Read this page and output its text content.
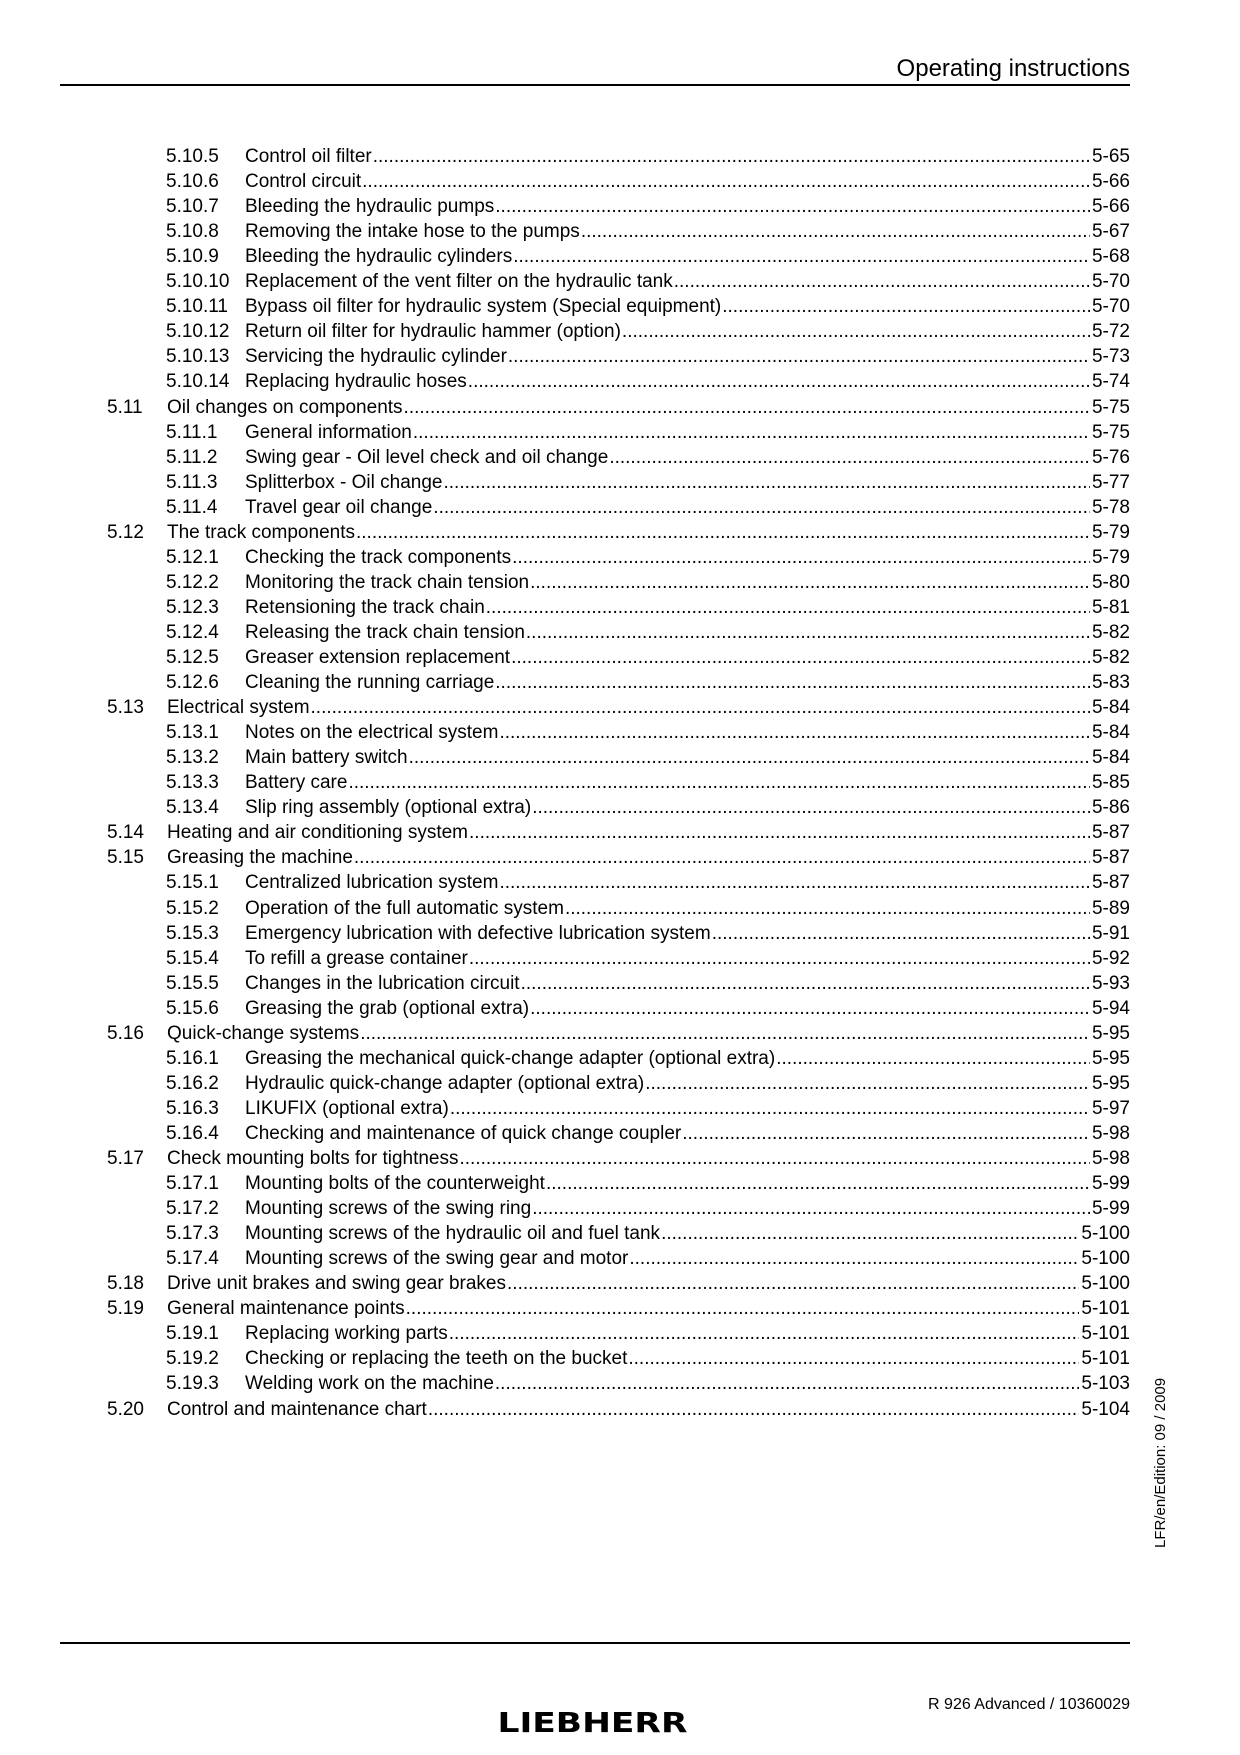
Operating instructions
5.10.5	Control oil filter .....	5-65
5.10.6	Control circuit .....	5-66
5.10.7	Bleeding the hydraulic pumps .....	5-66
5.10.8	Removing the intake hose to the pumps .....	5-67
5.10.9	Bleeding the hydraulic cylinders .....	5-68
5.10.10 Replacement of the vent filter on the hydraulic tank .....	5-70
5.10.11 Bypass oil filter for hydraulic system (Special equipment) .....	5-70
5.10.12 Return oil filter for hydraulic hammer (option) .....	5-72
5.10.13 Servicing the hydraulic cylinder .....	5-73
5.10.14 Replacing hydraulic hoses .....	5-74
5.11	Oil changes on components .....	5-75
5.11.1	General information .....	5-75
5.11.2	Swing gear - Oil level check and oil change .....	5-76
5.11.3	Splitterbox - Oil change .....	5-77
5.11.4	Travel gear oil change .....	5-78
5.12	The track components .....	5-79
5.12.1	Checking the track components .....	5-79
5.12.2	Monitoring the track chain tension .....	5-80
5.12.3	Retensioning the track chain .....	5-81
5.12.4	Releasing the track chain tension .....	5-82
5.12.5	Greaser extension replacement .....	5-82
5.12.6	Cleaning the running carriage .....	5-83
5.13	Electrical system .....	5-84
5.13.1	Notes on the electrical system .....	5-84
5.13.2	Main battery switch .....	5-84
5.13.3	Battery care .....	5-85
5.13.4	Slip ring assembly (optional extra) .....	5-86
5.14	Heating and air conditioning system .....	5-87
5.15	Greasing the machine .....	5-87
5.15.1	Centralized lubrication system .....	5-87
5.15.2	Operation of the full automatic system .....	5-89
5.15.3	Emergency lubrication with defective lubrication system .....	5-91
5.15.4	To refill a grease container .....	5-92
5.15.5	Changes in the lubrication circuit .....	5-93
5.15.6	Greasing the grab (optional extra) .....	5-94
5.16	Quick-change systems .....	5-95
5.16.1	Greasing the mechanical quick-change adapter (optional extra) .....	5-95
5.16.2	Hydraulic quick-change adapter (optional extra) .....	5-95
5.16.3	LIKUFIX (optional extra) .....	5-97
5.16.4	Checking and maintenance of quick change coupler .....	5-98
5.17	Check mounting bolts for tightness .....	5-98
5.17.1	Mounting bolts of the counterweight .....	5-99
5.17.2	Mounting screws of the swing ring .....	5-99
5.17.3	Mounting screws of the hydraulic oil and fuel tank .....	5-100
5.17.4	Mounting screws of the swing gear and motor .....	5-100
5.18	Drive unit brakes and swing gear brakes .....	5-100
5.19	General maintenance points .....	5-101
5.19.1	Replacing working parts .....	5-101
5.19.2	Checking or replacing the teeth on the bucket .....	5-101
5.19.3	Welding work on the machine .....	5-103
5.20	Control and maintenance chart .....	5-104 LFR/en/Edition: 09 / 2009
R 926 Advanced / 10360029
LIEBHERR
